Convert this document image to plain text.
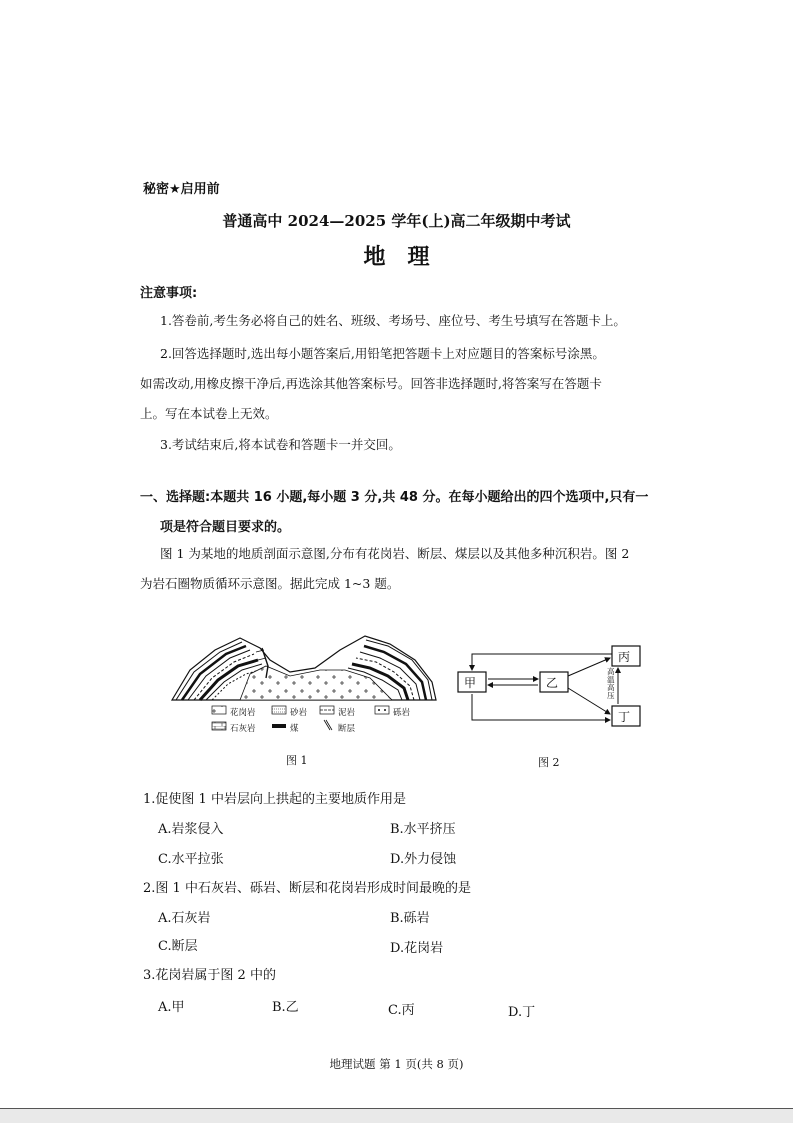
秘密★启用前
普通高中 2024—2025 学年(上)高二年级期中考试
地理
注意事项:
1.答卷前,考生务必将自己的姓名、班级、考场号、座位号、考生号填写在答题卡上。
2.回答选择题时,选出每小题答案后,用铅笔把答题卡上对应题目的答案标号涂黑。
如需改动,用橡皮擦干净后,再选涂其他答案标号。回答非选择题时,将答案写在答题卡
上。写在本试卷上无效。
3.考试结束后,将本试卷和答题卡一并交回。
一、选择题:本题共 16 小题,每小题 3 分,共 48 分。在每小题给出的四个选项中,只有一
项是符合题目要求的。
图 1 为某地的地质剖面示意图,分布有花岗岩、断层、煤层以及其他多种沉积岩。图 2
为岩石圈物质循环示意图。据此完成 1~3 题。
花岗岩	砂岩	泥岩	砾岩
石灰岩	煤	断层
图 1
甲	乙
丙
丁
高温高压
图 2
1.促使图 1 中岩层向上拱起的主要地质作用是
A.岩浆侵入	B.水平挤压
C.水平拉张	D.外力侵蚀
2.图 1 中石灰岩、砾岩、断层和花岗岩形成时间最晚的是
A.石灰岩	B.砾岩
C.断层	D.花岗岩
3.花岗岩属于图 2 中的
A.甲	B.乙	C.丙	D.丁
地理试题 第 1 页(共 8 页)
